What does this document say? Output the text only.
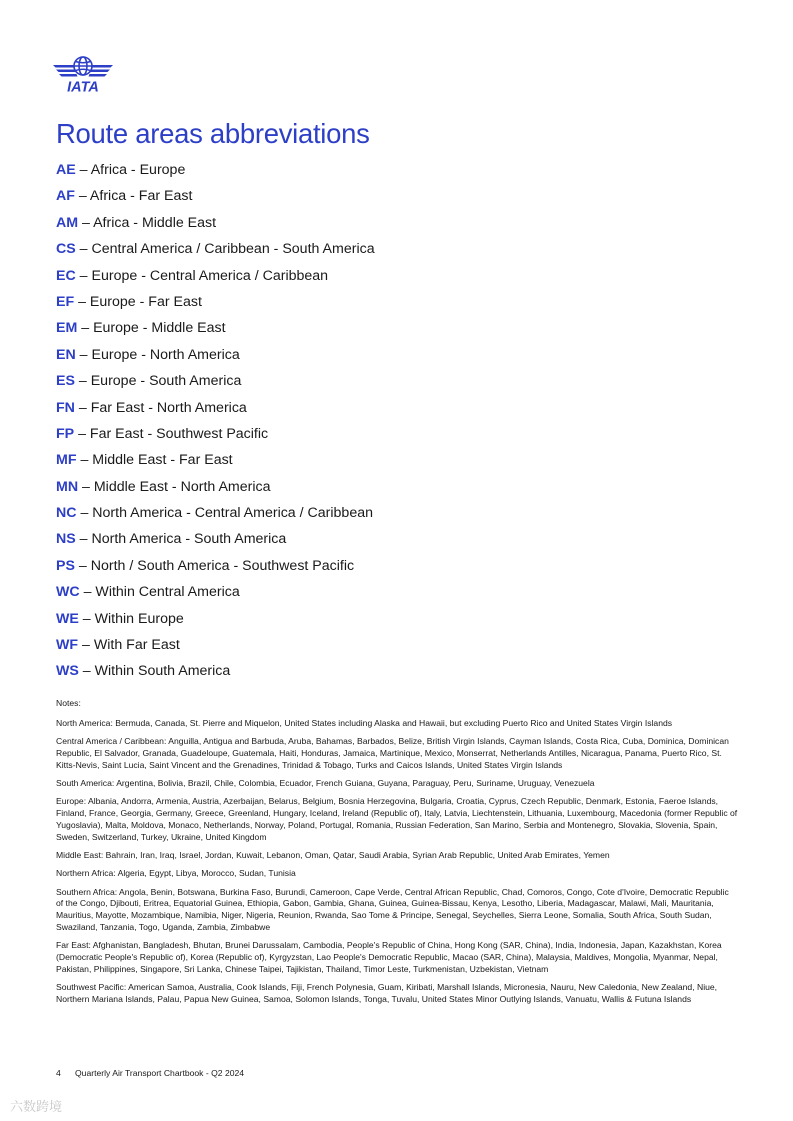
IATA
Route areas abbreviations
AE – Africa - Europe
AF – Africa - Far East
AM – Africa - Middle East
CS – Central America / Caribbean - South America
EC – Europe - Central America / Caribbean
EF – Europe - Far East
EM – Europe - Middle East
EN – Europe - North America
ES – Europe - South America
FN – Far East - North America
FP – Far East - Southwest Pacific
MF – Middle East - Far East
MN – Middle East - North America
NC – North America - Central America / Caribbean
NS – North America - South America
PS – North / South America - Southwest Pacific
WC – Within Central America
WE – Within Europe
WF – With Far East
WS – Within South America

Notes:

North America: Bermuda, Canada, St. Pierre and Miquelon, United States including Alaska and Hawaii, but excluding Puerto Rico and United States Virgin Islands

Central America / Caribbean: Anguilla, Antigua and Barbuda, Aruba, Bahamas, Barbados, Belize, British Virgin Islands, Cayman Islands, Costa Rica, Cuba, Dominica, Dominican Republic, El Salvador, Granada, Guadeloupe, Guatemala, Haiti, Honduras, Jamaica, Martinique, Mexico, Monserrat, Netherlands Antilles, Nicaragua, Panama, Puerto Rico, St. Kitts-Nevis, Saint Lucia, Saint Vincent and the Grenadines, Trinidad & Tobago, Turks and Caicos Islands, United States Virgin Islands

South America: Argentina, Bolivia, Brazil, Chile, Colombia, Ecuador, French Guiana, Guyana, Paraguay, Peru, Suriname, Uruguay, Venezuela

Europe: Albania, Andorra, Armenia, Austria, Azerbaijan, Belarus, Belgium, Bosnia Herzegovina, Bulgaria, Croatia, Cyprus, Czech Republic, Denmark, Estonia, Faeroe Islands, Finland, France, Georgia, Germany, Greece, Greenland, Hungary, Iceland, Ireland (Republic of), Italy, Latvia, Liechtenstein, Lithuania, Luxembourg, Macedonia (former Republic of Yugoslavia), Malta, Moldova, Monaco, Netherlands, Norway, Poland, Portugal, Romania, Russian Federation, San Marino, Serbia and Montenegro, Slovakia, Slovenia, Spain, Sweden, Switzerland, Turkey, Ukraine, United Kingdom

Middle East: Bahrain, Iran, Iraq, Israel, Jordan, Kuwait, Lebanon, Oman, Qatar, Saudi Arabia, Syrian Arab Republic, United Arab Emirates, Yemen

Northern Africa: Algeria, Egypt, Libya, Morocco, Sudan, Tunisia

Southern Africa: Angola, Benin, Botswana, Burkina Faso, Burundi, Cameroon, Cape Verde, Central African Republic, Chad, Comoros, Congo, Cote d'Ivoire, Democratic Republic of the Congo, Djibouti, Eritrea, Equatorial Guinea, Ethiopia, Gabon, Gambia, Ghana, Guinea, Guinea-Bissau, Kenya, Lesotho, Liberia, Madagascar, Malawi, Mali, Mauritania, Mauritius, Mayotte, Mozambique, Namibia, Niger, Nigeria, Reunion, Rwanda, Sao Tome & Principe, Senegal, Seychelles, Sierra Leone, Somalia, South Africa, South Sudan, Swaziland, Tanzania, Togo, Uganda, Zambia, Zimbabwe

Far East: Afghanistan, Bangladesh, Bhutan, Brunei Darussalam, Cambodia, People's Republic of China, Hong Kong (SAR, China), India, Indonesia, Japan, Kazakhstan, Korea (Democratic People's Republic of), Korea (Republic of), Kyrgyzstan, Lao People's Democratic Republic, Macao (SAR, China), Malaysia, Maldives, Mongolia, Myanmar, Nepal, Pakistan, Philippines, Singapore, Sri Lanka, Chinese Taipei, Tajikistan, Thailand, Timor Leste, Turkmenistan, Uzbekistan, Vietnam

Southwest Pacific: American Samoa, Australia, Cook Islands, Fiji, French Polynesia, Guam, Kiribati, Marshall Islands, Micronesia, Nauru, New Caledonia, New Zealand, Niue, Northern Mariana Islands, Palau, Papua New Guinea, Samoa, Solomon Islands, Tonga, Tuvalu, United States Minor Outlying Islands, Vanuatu, Wallis & Futuna Islands

4 Quarterly Air Transport Chartbook - Q2 2024
六数跨境
